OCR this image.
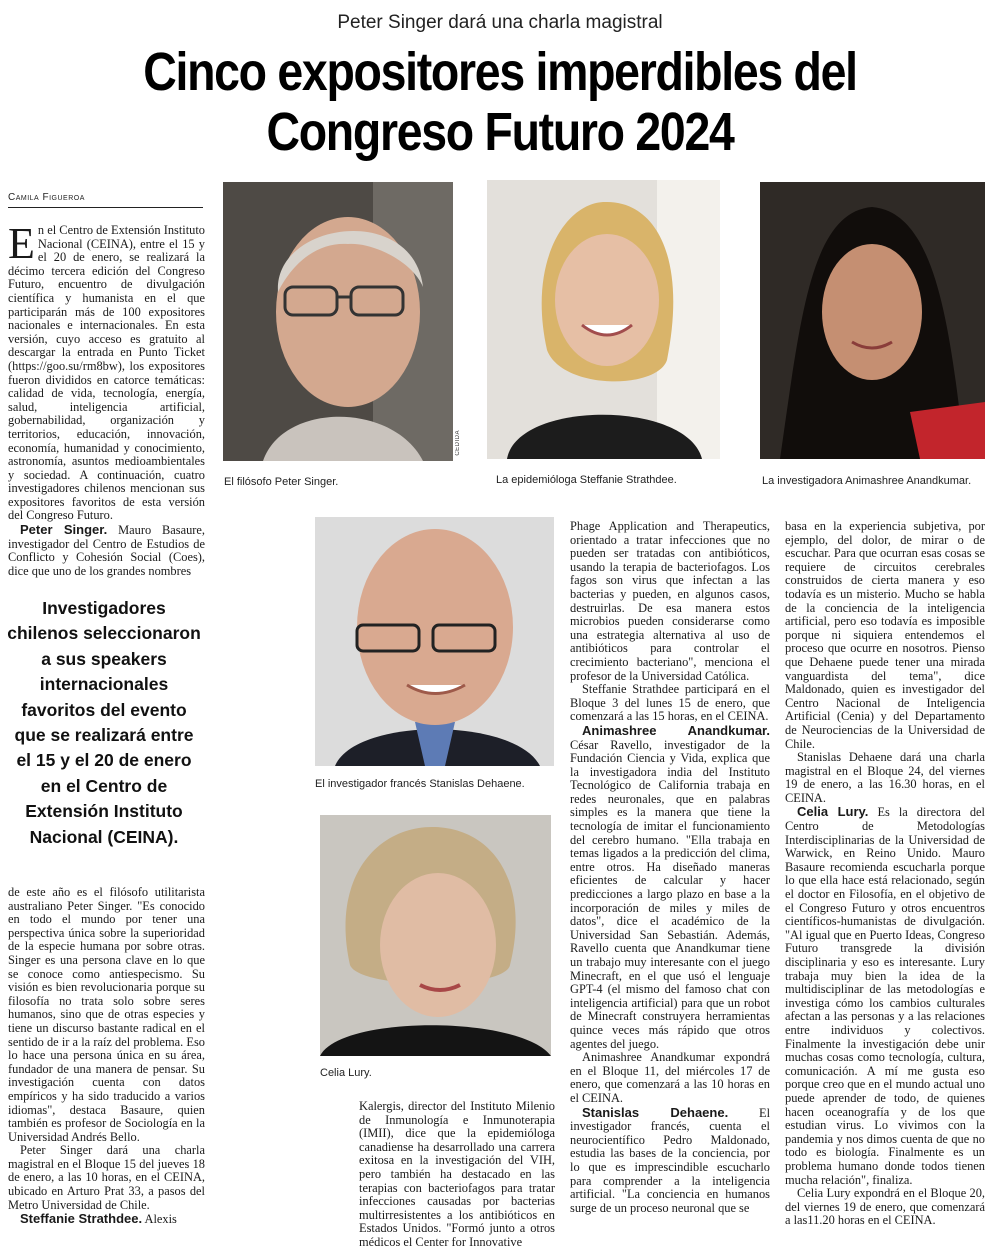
Peter Singer dará una charla magistral
Cinco expositores imperdibles del
Congreso Futuro 2024
Camila Figueroa

En el Centro de Extensión Instituto Nacional (CEINA), entre el 15 y el 20 de enero, se realizará la décimo tercera edición del Congreso Futuro, encuentro de divulgación científica y humanista en el que participarán más de 100 expositores nacionales e internacionales. En esta versión, cuyo acceso es gratuito al descargar la entrada en Punto Ticket (https://goo.su/rm8bw), los expositores fueron divididos en catorce temáticas: calidad de vida, tecnología, energía, salud, inteligencia artificial, gobernabilidad, organización y territorios, educación, innovación, economía, humanidad y conocimiento, astronomía, asuntos medioambientales y sociedad. A continuación, cuatro investigadores chilenos mencionan sus expositores favoritos de esta versión del Congreso Futuro.

Peter Singer. Mauro Basaure, investigador del Centro de Estudios de Conflicto y Cohesión Social (Coes), dice que uno de los grandes nombres

Investigadores chilenos seleccionaron a sus speakers internacionales favoritos del evento que se realizará entre el 15 y el 20 de enero en el Centro de Extensión Instituto Nacional (CEINA).

de este año es el filósofo utilitarista australiano Peter Singer. "Es conocido en todo el mundo por tener una perspectiva única sobre la superioridad de la especie humana por sobre otras. Singer es una persona clave en lo que se conoce como antiespecismo. Su visión es bien revolucionaria porque su filosofía no trata solo sobre seres humanos, sino que de otras especies y tiene un discurso bastante radical en el sentido de ir a la raíz del problema. Eso lo hace una persona única en su área, fundador de una manera de pensar. Su investigación cuenta con datos empíricos y ha sido traducido a varios idiomas", destaca Basaure, quien también es profesor de Sociología en la Universidad Andrés Bello.

Peter Singer dará una charla magistral en el Bloque 15 del jueves 18 de enero, a las 10 horas, en el CEINA, ubicado en Arturo Prat 33, a pasos del Metro Universidad de Chile.

Steffanie Strathdee. Alexis

CEDIDA
El filósofo Peter Singer.	La epidemióloga Steffanie Strathdee.	La investigadora Animashree Anandkumar.
El investigador francés Stanislas Dehaene.
Celia Lury.

Kalergis, director del Instituto Milenio de Inmunología e Inmunoterapia (IMII), dice que la epidemióloga canadiense ha desarrollado una carrera exitosa en la investigación del VIH, pero también ha destacado en las terapias con bacteriofagos para tratar infecciones causadas por bacterias multirresistentes a los antibióticos en Estados Unidos. "Formó junto a otros médicos el Center for Innovative

Phage Application and Therapeutics, orientado a tratar infecciones que no pueden ser tratadas con antibióticos, usando la terapia de bacteriofagos. Los fagos son virus que infectan a las bacterias y pueden, en algunos casos, destruirlas. De esa manera estos microbios pueden considerarse como una estrategia alternativa al uso de antibióticos para controlar el crecimiento bacteriano", menciona el profesor de la Universidad Católica.

Steffanie Strathdee participará en el Bloque 3 del lunes 15 de enero, que comenzará a las 15 horas, en el CEINA.

Animashree Anandkumar. César Ravello, investigador de la Fundación Ciencia y Vida, explica que la investigadora india del Instituto Tecnológico de California trabaja en redes neuronales, que en palabras simples es la manera que tiene la tecnología de imitar el funcionamiento del cerebro humano. "Ella trabaja en temas ligados a la predicción del clima, entre otros. Ha diseñado maneras eficientes de calcular y hacer predicciones a largo plazo en base a la incorporación de miles y miles de datos", dice el académico de la Universidad San Sebastián. Además, Ravello cuenta que Anandkumar tiene un trabajo muy interesante con el juego Minecraft, en el que usó el lenguaje GPT-4 (el mismo del famoso chat con inteligencia artificial) para que un robot de Minecraft construyera herramientas quince veces más rápido que otros agentes del juego.

Animashree Anandkumar expondrá en el Bloque 11, del miércoles 17 de enero, que comenzará a las 10 horas en el CEINA.

Stanislas Dehaene. El investigador francés, cuenta el neurocientífico Pedro Maldonado, estudia las bases de la conciencia, por lo que es imprescindible escucharlo para comprender a la inteligencia artificial. "La conciencia en humanos surge de un proceso neuronal que se

basa en la experiencia subjetiva, por ejemplo, del dolor, de mirar o de escuchar. Para que ocurran esas cosas se requiere de circuitos cerebrales construidos de cierta manera y eso todavía es un misterio. Mucho se habla de la conciencia de la inteligencia artificial, pero eso todavía es imposible porque ni siquiera entendemos el proceso que ocurre en nosotros. Pienso que Dehaene puede tener una mirada vanguardista del tema", dice Maldonado, quien es investigador del Centro Nacional de Inteligencia Artificial (Cenia) y del Departamento de Neurociencias de la Universidad de Chile.

Stanislas Dehaene dará una charla magistral en el Bloque 24, del viernes 19 de enero, a las 16.30 horas, en el CEINA.

Celia Lury. Es la directora del Centro de Metodologías Interdisciplinarias de la Universidad de Warwick, en Reino Unido. Mauro Basaure recomienda escucharla porque lo que ella hace está relacionado, según el doctor en Filosofía, en el objetivo de el Congreso Futuro y otros encuentros científicos-humanistas de divulgación. "Al igual que en Puerto Ideas, Congreso Futuro transgrede la división disciplinaria y eso es interesante. Lury trabaja muy bien la idea de la multidisciplinar de las metodologías e investiga cómo los cambios culturales afectan a las personas y a las relaciones entre individuos y colectivos. Finalmente la investigación debe unir muchas cosas como tecnología, cultura, comunicación. A mí me gusta eso porque creo que en el mundo actual uno puede aprender de todo, de quienes hacen oceanografía y de los que estudian virus. Lo vivimos con la pandemia y nos dimos cuenta de que no todo es biología. Finalmente es un problema humano donde todos tienen mucha relación", finaliza.

Celia Lury expondrá en el Bloque 20, del viernes 19 de enero, que comenzará a las11.20 horas en el CEINA.
